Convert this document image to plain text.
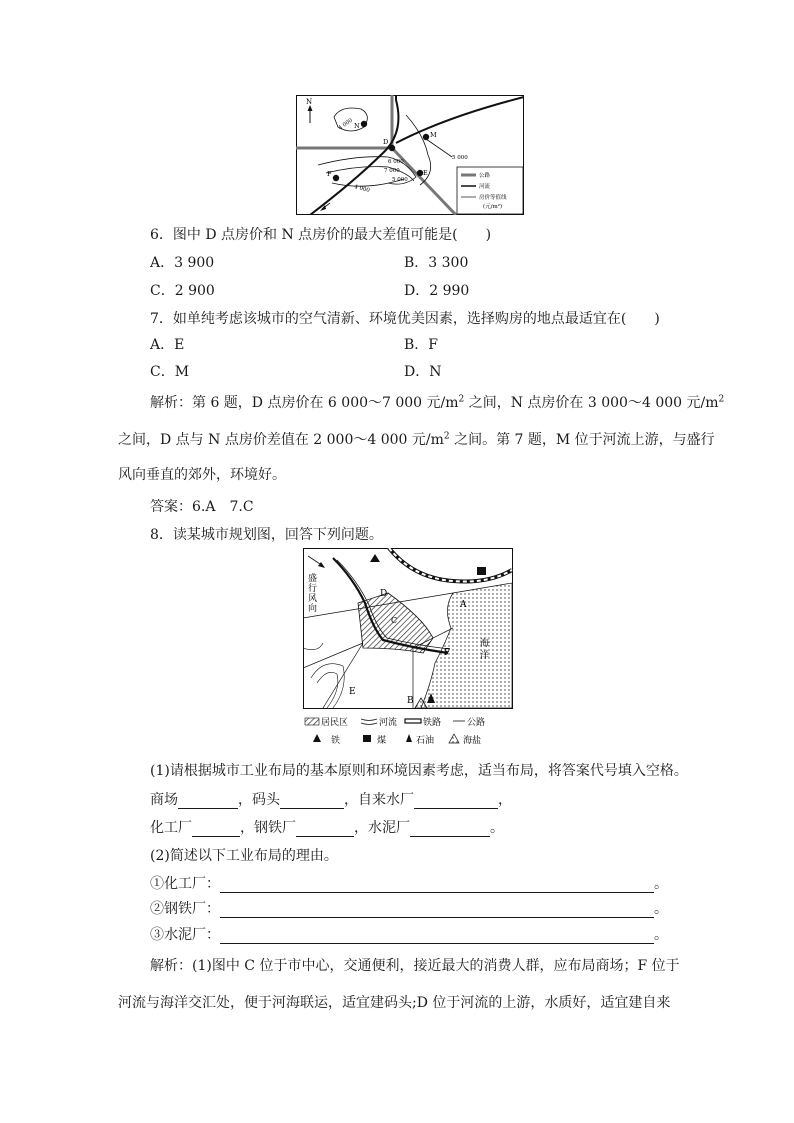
N
N
D
M
F	E
4 000
6 000
7 000
5 000
4 000
5 000
公路
河流
房价等值线
(元/m²)
6．图中 D 点房价和 N 点房价的最大差值可能是(　　)
A．3 900	B．3 300
C．2 900	D．2 990
7．如单纯考虑该城市的空气清新、环境优美因素，选择购房的地点最适宜在(　　)
A．E	B．F
C．M	D．N
解析：第 6 题，D 点房价在 6 000～7 000 元$/m^2$ 之间，N 点房价在 3 000～4 000 元$/m^2$
之间，D 点与 N 点房价差值在 2 000～4 000 元$/m^2$ 之间。第 7 题，M 位于河流上游，与盛行
风向垂直的郊外，环境好。
答案：6.A　7.C
8．读某城市规划图，回答下列问题。
盛
行
风
向
D
C
A
F
E
B
海
洋
居民区	河流	铁路	公路
铁	煤	石油	海盐
(1)请根据城市工业布局的基本原则和环境因素考虑，适当布局，将答案代号填入空格。
商场	，码头	，自来水厂	，
化工厂	，钢铁厂	，水泥厂	。
(2)简述以下工业布局的理由。
①化工厂：	。
②钢铁厂：	。
③水泥厂：	。
解析：(1)图中 C 位于市中心，交通便利，接近最大的消费人群，应布局商场；F 位于
河流与海洋交汇处，便于河海联运，适宜建码头;D 位于河流的上游，水质好，适宜建自来
